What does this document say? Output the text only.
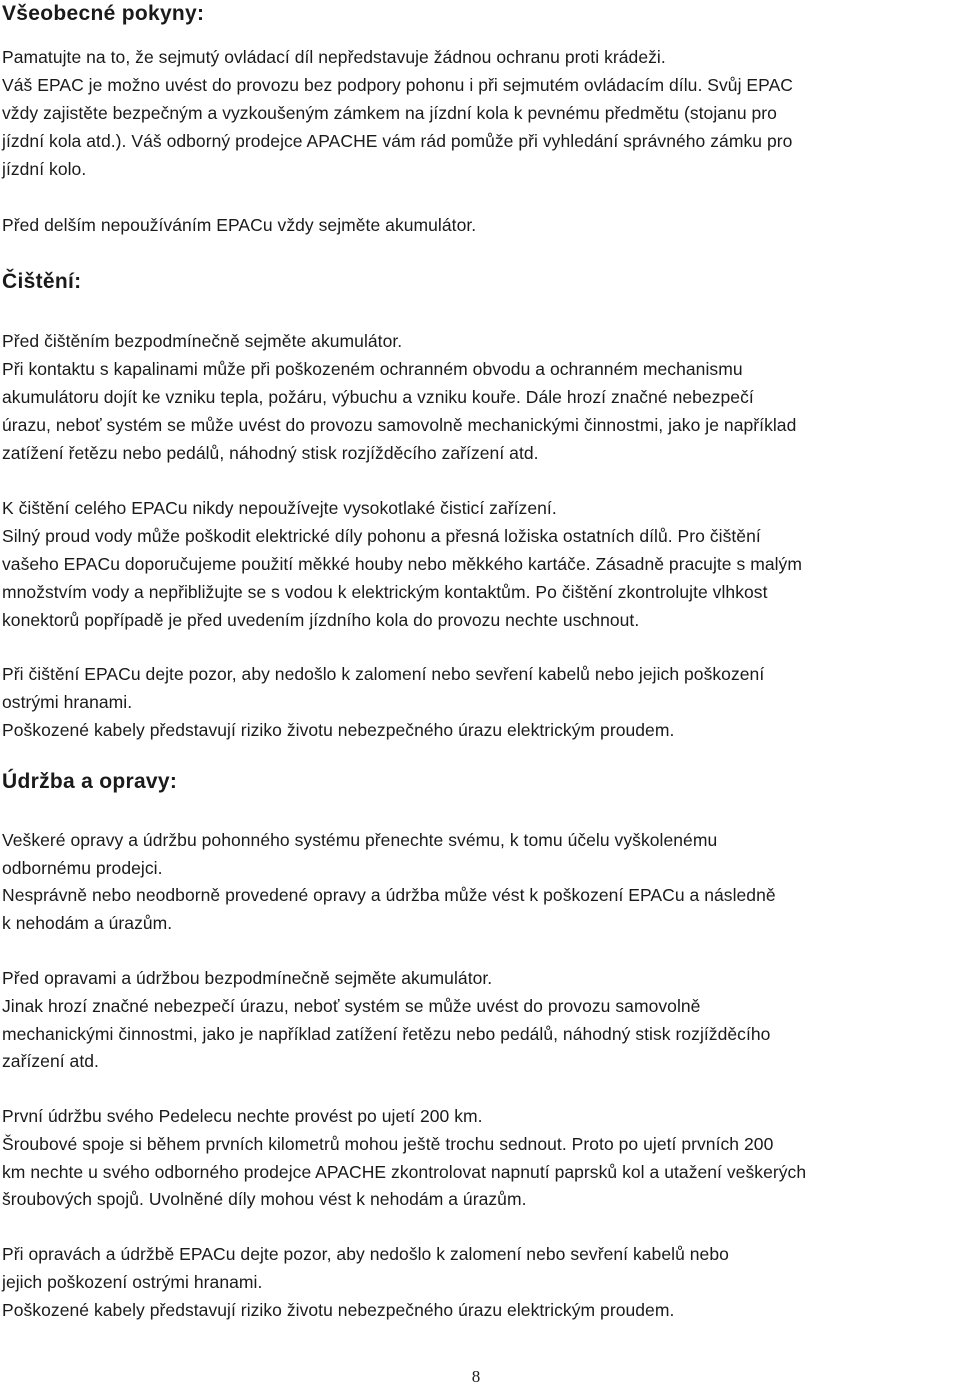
Všeobecné pokyny:

Pamatujte na to, že sejmutý ovládací díl nepředstavuje žádnou ochranu proti krádeži.

Váš EPAC je možno uvést do provozu bez podpory pohonu i při sejmutém ovládacím dílu. Svůj EPAC

vždy zajistěte bezpečným a vyzkoušeným zámkem na jízdní kola k pevnému předmětu (stojanu pro

jízdní kola atd.). Váš odborný prodejce APACHE vám rád pomůže při vyhledání správného zámku pro

jízdní kolo.

Před delším nepoužíváním EPACu vždy sejměte akumulátor.

Čištění:

Před čištěním bezpodmínečně sejměte akumulátor.

Při kontaktu s kapalinami může při poškozeném ochranném obvodu a ochranném mechanismu

akumulátoru dojít ke vzniku tepla, požáru, výbuchu a vzniku kouře. Dále hrozí značné nebezpečí

úrazu, neboť systém se může uvést do provozu samovolně mechanickými činnostmi, jako je například

zatížení řetězu nebo pedálů, náhodný stisk rozjížděcího zařízení atd.

K čištění celého EPACu nikdy nepoužívejte vysokotlaké čisticí zařízení.

Silný proud vody může poškodit elektrické díly pohonu a přesná ložiska ostatních dílů. Pro čištění

vašeho EPACu doporučujeme použití měkké houby nebo měkkého kartáče. Zásadně pracujte s malým

množstvím vody a nepřibližujte se s vodou k elektrickým kontaktům. Po čištění zkontrolujte vlhkost

konektorů popřípadě je před uvedením jízdního kola do provozu nechte uschnout.

Při čištění EPACu dejte pozor, aby nedošlo k zalomení nebo sevření kabelů nebo jejich poškození

ostrými hranami.

Poškozené kabely představují riziko životu nebezpečného úrazu elektrickým proudem.

Údržba a opravy:

Veškeré opravy a údržbu pohonného systému přenechte svému, k tomu účelu vyškolenému

odbornému prodejci.

Nesprávně nebo neodborně provedené opravy a údržba může vést k poškození EPACu a následně

k nehodám a úrazům.

Před opravami a údržbou bezpodmínečně sejměte akumulátor.

Jinak hrozí značné nebezpečí úrazu, neboť systém se může uvést do provozu samovolně

mechanickými činnostmi, jako je například zatížení řetězu nebo pedálů, náhodný stisk rozjížděcího

zařízení atd.

První údržbu svého Pedelecu nechte provést po ujetí 200 km.

Šroubové spoje si během prvních kilometrů mohou ještě trochu sednout. Proto po ujetí prvních 200

km nechte u svého odborného prodejce APACHE zkontrolovat napnutí paprsků kol a utažení veškerých

šroubových spojů. Uvolněné díly mohou vést k nehodám a úrazům.

Při opravách a údržbě EPACu dejte pozor, aby nedošlo k zalomení nebo sevření kabelů nebo

jejich poškození ostrými hranami.

Poškozené kabely představují riziko životu nebezpečného úrazu elektrickým proudem.

8
